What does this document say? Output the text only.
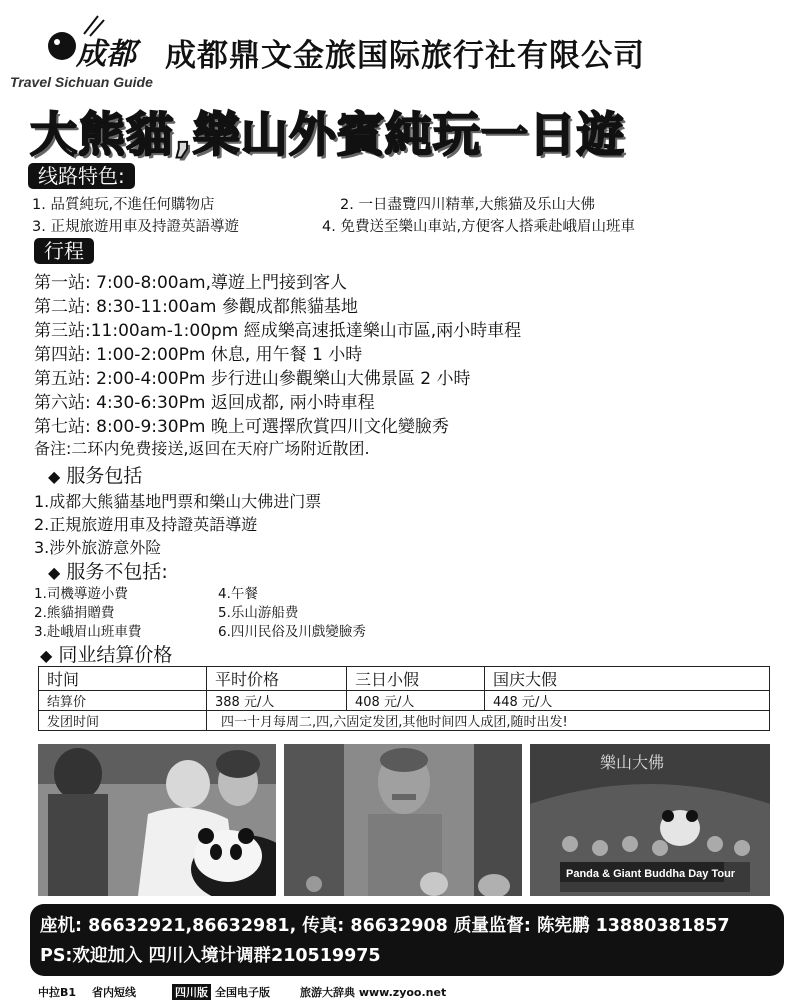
成都
Travel Sichuan Guide
成都鼎文金旅国际旅行社有限公司
大熊貓,樂山外賓純玩一日遊
线路特色:
1. 品質純玩,不進任何購物店	2. 一日盡覽四川精華,大熊猫及乐山大佛
3. 正規旅遊用車及持證英語導遊	4. 免費送至樂山車站,方便客人搭乘赴峨眉山班車
行程
第一站: 7:00-8:00am,導遊上門接到客人
第二站: 8:30-11:00am 參觀成都熊貓基地
第三站:11:00am-1:00pm 經成樂高速抵達樂山市區,兩小時車程
第四站: 1:00-2:00Pm 休息, 用午餐 1 小時
第五站: 2:00-4:00Pm 步行进山參觀樂山大佛景區 2 小時
第六站: 4:30-6:30Pm 返回成都, 兩小時車程
第七站: 8:00-9:30Pm 晚上可選擇欣賞四川文化變臉秀
备注:二环内免费接送,返回在天府广场附近散团.
◆ 服务包括
1.成都大熊貓基地門票和樂山大佛进门票
2.正規旅遊用車及持證英語導遊
3.涉外旅游意外险
◆ 服务不包括:
1.司機導遊小費	4.午餐
2.熊貓捐贈費	5.乐山游船费
3.赴峨眉山班車費	6.四川民俗及川戲變臉秀
◆ 同业结算价格
时间	平时价格	三日小假	国庆大假
结算价	388 元/人	408 元/人	448 元/人
发团时间	四一十月每周二,四,六固定发团,其他时间四人成团,随时出发!		
樂山大佛
Panda & Giant Buddha Day Tour
座机: 86632921,86632981, 传真: 86632908 质量监督: 陈宪鹏 13880381857
PS:欢迎加入 四川入境计调群210519975
中拉B1 省内短线	四川版 全国电子版	旅游大辞典 www.zyoo.net
